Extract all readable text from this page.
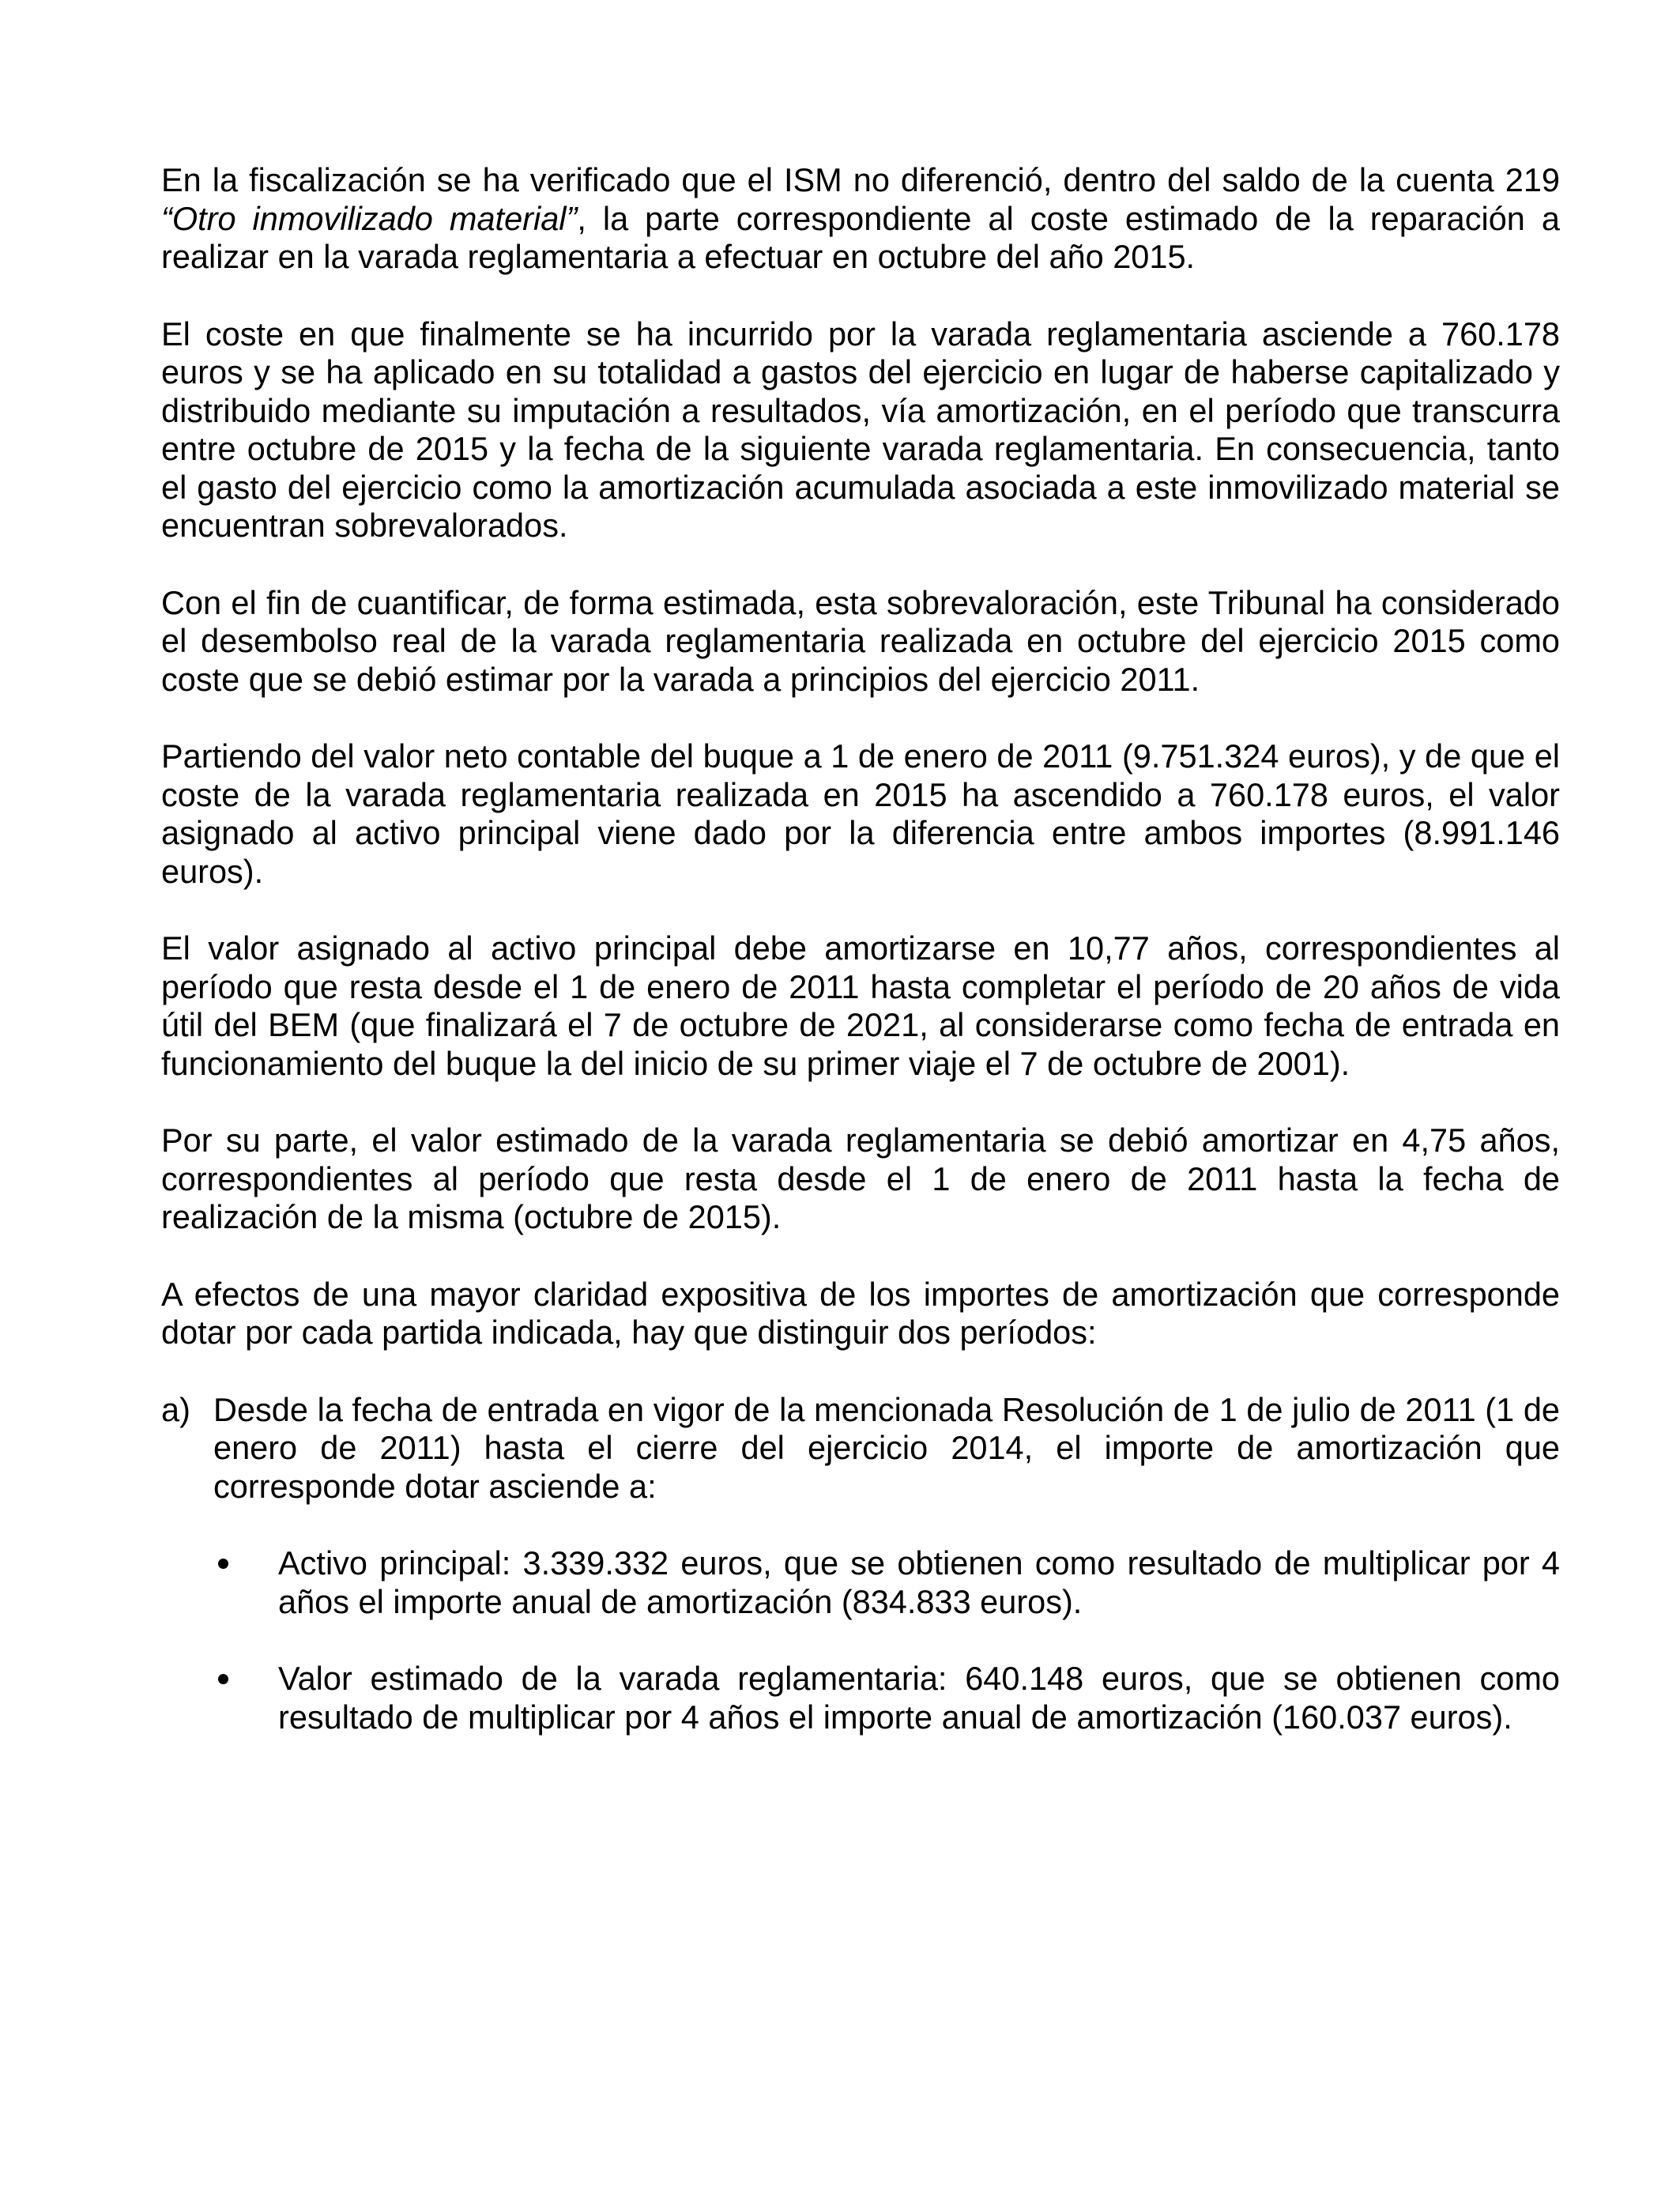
En la fiscalización se ha verificado que el ISM no diferenció, dentro del saldo de la cuenta 219 “Otro inmovilizado material”, la parte correspondiente al coste estimado de la reparación a realizar en la varada reglamentaria a efectuar en octubre del año 2015.

El coste en que finalmente se ha incurrido por la varada reglamentaria asciende a 760.178 euros y se ha aplicado en su totalidad a gastos del ejercicio en lugar de haberse capitalizado y distribuido mediante su imputación a resultados, vía amortización, en el período que transcurra entre octubre de 2015 y la fecha de la siguiente varada reglamentaria. En consecuencia, tanto el gasto del ejercicio como la amortización acumulada asociada a este inmovilizado material se encuentran sobrevalorados.

Con el fin de cuantificar, de forma estimada, esta sobrevaloración, este Tribunal ha considerado el desembolso real de la varada reglamentaria realizada en octubre del ejercicio 2015 como coste que se debió estimar por la varada a principios del ejercicio 2011.

Partiendo del valor neto contable del buque a 1 de enero de 2011 (9.751.324 euros), y de que el coste de la varada reglamentaria realizada en 2015 ha ascendido a 760.178 euros, el valor asignado al activo principal viene dado por la diferencia entre ambos importes (8.991.146 euros).

El valor asignado al activo principal debe amortizarse en 10,77 años, correspondientes al período que resta desde el 1 de enero de 2011 hasta completar el período de 20 años de vida útil del BEM (que finalizará el 7 de octubre de 2021, al considerarse como fecha de entrada en funcionamiento del buque la del inicio de su primer viaje el 7 de octubre de 2001).

Por su parte, el valor estimado de la varada reglamentaria se debió amortizar en 4,75 años, correspondientes al período que resta desde el 1 de enero de 2011 hasta la fecha de realización de la misma (octubre de 2015).

A efectos de una mayor claridad expositiva de los importes de amortización que corresponde dotar por cada partida indicada, hay que distinguir dos períodos:

a) Desde la fecha de entrada en vigor de la mencionada Resolución de 1 de julio de 2011 (1 de enero de 2011) hasta el cierre del ejercicio 2014, el importe de amortización que corresponde dotar asciende a:
Activo principal: 3.339.332 euros, que se obtienen como resultado de multiplicar por 4 años el importe anual de amortización (834.833 euros).
Valor estimado de la varada reglamentaria: 640.148 euros, que se obtienen como resultado de multiplicar por 4 años el importe anual de amortización (160.037 euros).
